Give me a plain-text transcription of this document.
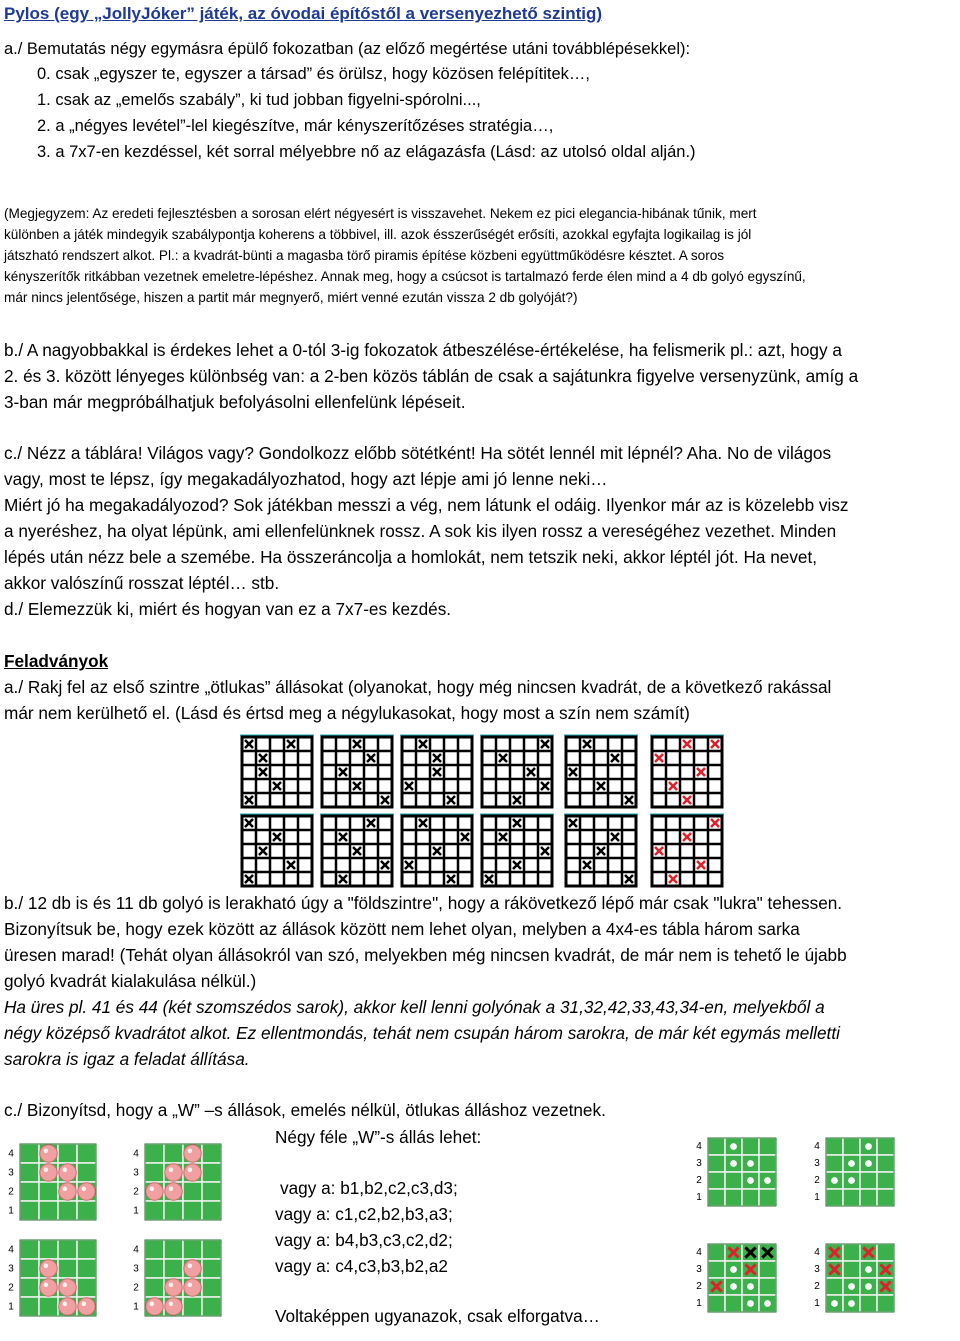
Pylos (egy „JollyJóker” játék, az óvodai építőstől a versenyezhető szintig)
a./ Bemutatás négy egymásra épülő fokozatban (az előző megértése utáni továbblépésekkel):
0. csak „egyszer te, egyszer a társad” és örülsz, hogy közösen felépítitek…,
1. csak az „emelős szabály”, ki tud jobban figyelni-spórolni...,
2. a „négyes levétel”-lel kiegészítve, már kényszerítőzéses stratégia…,
3. a 7x7-en kezdéssel, két sorral mélyebbre nő az elágazásfa (Lásd: az utolsó oldal alján.)
(Megjegyzem: Az eredeti fejlesztésben a sorosan elért négyesért is visszavehet. Nekem ez pici elegancia-hibának tűnik, mert
különben a játék mindegyik szabálypontja koherens a többivel, ill. azok ésszerűségét erősíti, azokkal egyfajta logikailag is jól
játszható rendszert alkot. Pl.: a kvadrát-bünti a magasba törő piramis építése közbeni együttműködésre késztet. A soros
kényszerítők ritkábban vezetnek emeletre-lépéshez. Annak meg, hogy a csúcsot is tartalmazó ferde élen mind a 4 db golyó egyszínű,
már nincs jelentősége, hiszen a partit már megnyerő, miért venné ezután vissza 2 db golyóját?)
b./ A nagyobbakkal is érdekes lehet a 0-tól 3-ig fokozatok átbeszélése-értékelése, ha felismerik pl.: azt, hogy a
2. és 3. között lényeges különbség van: a 2-ben közös táblán de csak a sajátunkra figyelve versenyzünk, amíg a
3-ban már megpróbálhatjuk befolyásolni ellenfelünk lépéseit.
c./ Nézz a táblára! Világos vagy? Gondolkozz előbb sötétként! Ha sötét lennél mit lépnél? Aha. No de világos
vagy, most te lépsz, így megakadályozhatod, hogy azt lépje ami jó lenne neki…
Miért jó ha megakadályozod? Sok játékban messzi a vég, nem látunk el odáig. Ilyenkor már az is közelebb visz
a nyeréshez, ha olyat lépünk, ami ellenfelünknek rossz. A sok kis ilyen rossz a vereségéhez vezethet. Minden
lépés után nézz bele a szemébe. Ha összeráncolja a homlokát, nem tetszik neki, akkor léptél jót. Ha nevet,
akkor valószínű rosszat léptél… stb.
d./ Elemezzük ki, miért és hogyan van ez a 7x7-es kezdés.
Feladványok
a./ Rakj fel az első szintre „ötlukas” állásokat (olyanokat, hogy még nincsen kvadrát, de a következő rakással
már nem kerülhető el. (Lásd és értsd meg a négylukasokat, hogy most a szín nem számít)
b./ 12 db is és 11 db golyó is lerakható úgy a "földszintre", hogy a rákövetkező lépő már csak "lukra" tehessen.
Bizonyítsuk be, hogy ezek között az állások között nem lehet olyan, melyben a 4x4-es tábla három sarka
üresen marad! (Tehát olyan állásokról van szó, melyekben még nincsen kvadrát, de már nem is tehető le újabb
golyó kvadrát kialakulása nélkül.)
Ha üres pl. 41 és 44 (két szomszédos sarok), akkor kell lenni golyónak a 31,32,42,33,43,34-en, melyekből a
négy középső kvadrátot alkot. Ez ellentmondás, tehát nem csupán három sarokra, de már két egymás melletti
sarokra is igaz a feladat állítása.
c./ Bizonyítsd, hogy a „W” –s állások, emelés nélkül, ötlukas álláshoz vezetnek.
Négy féle „W”-s állás lehet:
vagy a: b1,b2,c2,c3,d3;
vagy a: c1,c2,b2,b3,a3;
vagy a: b4,b3,c3,c2,d2;
vagy a: c4,c3,b3,b2,a2
Voltaképpen ugyanazok, csak elforgatva…
4
3
2
1
4
3
2
1
4
3
2
1
4
3
2
1
4
3
2
1
4
3
2
1
4
3
2
1
4
3
2
1
